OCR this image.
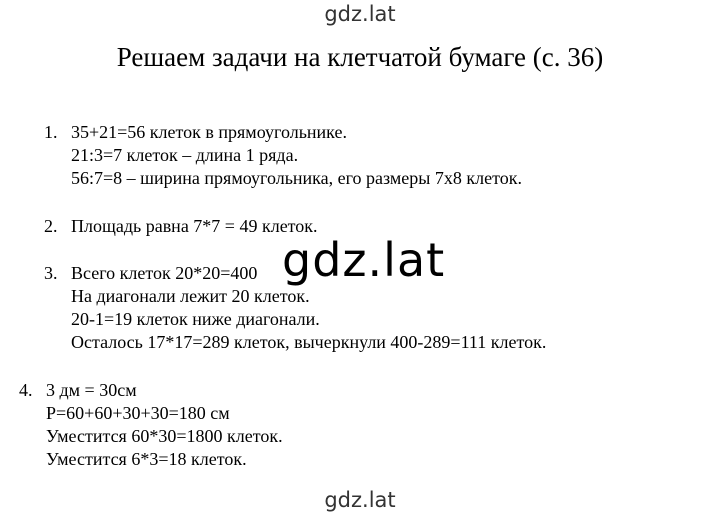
gdz.lat
Решаем задачи на клетчатой бумаге (с. 36)
1. 35+21=56 клеток в прямоугольнике.
21:3=7 клеток – длина 1 ряда.
56:7=8 – ширина прямоугольника, его размеры 7x8 клеток.
2. Площадь равна 7*7 = 49 клеток.
3. Всего клеток 20*20=400
На диагонали лежит 20 клеток.
20-1=19 клеток ниже диагонали.
Осталось 17*17=289 клеток, вычеркнули 400-289=111 клеток.
4. 3 дм = 30см
Р=60+60+30+30=180 см
Уместится 60*30=1800 клеток.
Уместится 6*3=18 клеток.
gdz.lat
gdz.lat
